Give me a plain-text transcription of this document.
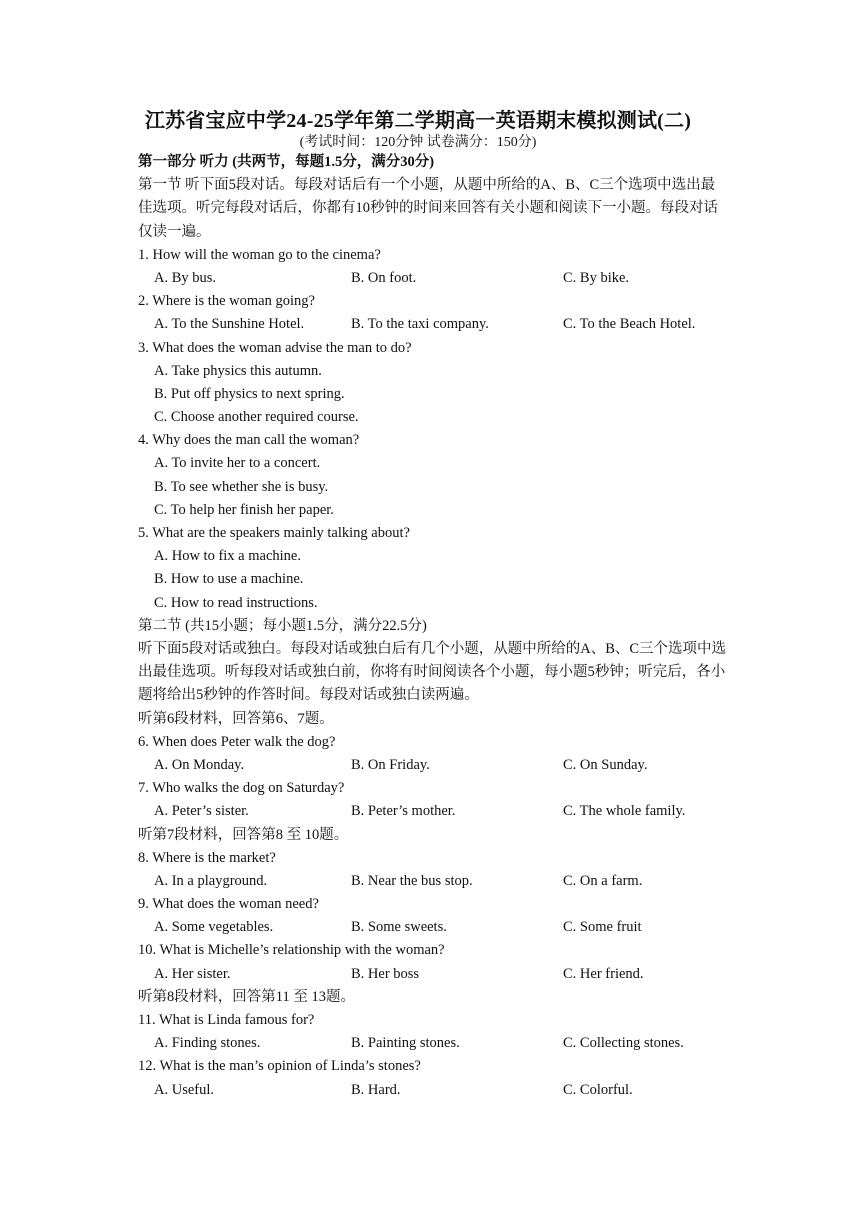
江苏省宝应中学24-25学年第二学期高一英语期末模拟测试(二)
(考试时间：120分钟 试卷满分：150分)
第一部分 听力 (共两节，每题1.5分，满分30分)
第一节 听下面5段对话。每段对话后有一个小题，从题中所给的A、B、C三个选项中选出最佳选项。听完每段对话后，你都有10秒钟的时间来回答有关小题和阅读下一小题。每段对话仅读一遍。
1. How will the woman go to the cinema?
A. By bus.	B. On foot.	C. By bike.
2. Where is the woman going?
A. To the Sunshine Hotel.	B. To the taxi company.	C. To the Beach Hotel.
3. What does the woman advise the man to do?
A. Take physics this autumn.
B. Put off physics to next spring.
C. Choose another required course.
4. Why does the man call the woman?
A. To invite her to a concert.
B. To see whether she is busy.
C. To help her finish her paper.
5. What are the speakers mainly talking about?
A. How to fix a machine.
B. How to use a machine.
C. How to read instructions.
第二节 (共15小题；每小题1.5分，满分22.5分)
听下面5段对话或独白。每段对话或独白后有几个小题，从题中所给的A、B、C三个选项中选出最佳选项。听每段对话或独白前，你将有时间阅读各个小题，每小题5秒钟；听完后，各小题将给出5秒钟的作答时间。每段对话或独白读两遍。
听第6段材料，回答第6、7题。
6. When does Peter walk the dog?
A. On Monday.	B. On Friday.	C. On Sunday.
7. Who walks the dog on Saturday?
A. Peter’s sister.	B. Peter’s mother.	C. The whole family.
听第7段材料，回答第8 至 10题。
8. Where is the market?
A. In a playground.	B. Near the bus stop.	C. On a farm.
9. What does the woman need?
A. Some vegetables.	B. Some sweets.	C. Some fruit
10. What is Michelle’s relationship with the woman?
A. Her sister.	B. Her boss	C. Her friend.
听第8段材料，回答第11 至 13题。
11. What is Linda famous for?
A. Finding stones.	B. Painting stones.	C. Collecting stones.
12. What is the man’s opinion of Linda’s stones?
A. Useful.	B. Hard.	C. Colorful.
